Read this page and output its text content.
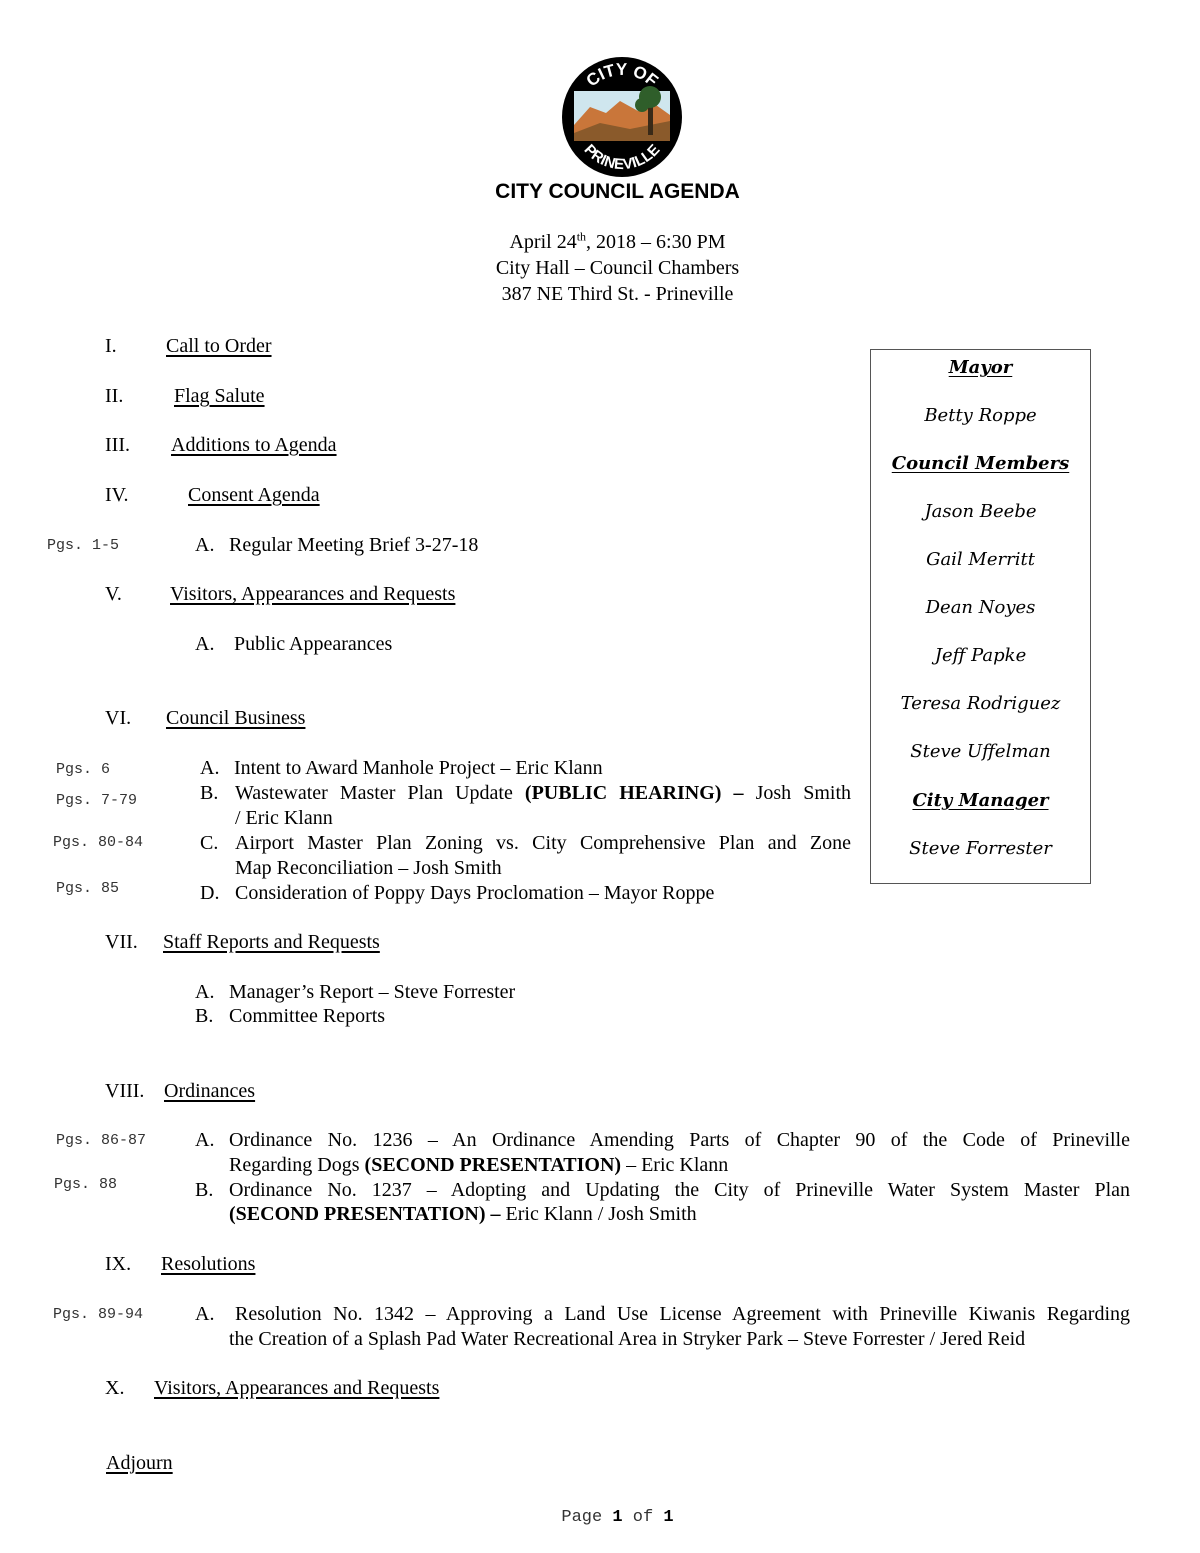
CITY OF
PRINEVILLE
CITY COUNCIL AGENDA
April 24th, 2018 – 6:30 PM
City Hall – Council Chambers
387 NE Third St. - Prineville
I. Call to Order
II.	Flag Salute
III. Additions to Agenda
IV.	Consent Agenda
Pgs. 1-5	A. Regular Meeting Brief 3-27-18
V. Visitors, Appearances and Requests
A. Public Appearances
VI. Council Business
Pgs. 6	A. Intent to Award Manhole Project – Eric Klann
Pgs. 7-79	B. Wastewater Master Plan Update (PUBLIC HEARING) – Josh Smith
/ Eric Klann
Pgs. 80-84	C. Airport Master Plan Zoning vs. City Comprehensive Plan and Zone
Map Reconciliation – Josh Smith
Pgs. 85	D. Consideration of Poppy Days Proclomation – Mayor Roppe
VII. Staff Reports and Requests
A. Manager’s Report – Steve Forrester
B. Committee Reports
VIII. Ordinances
Pgs. 86-87 A. Ordinance No. 1236 – An Ordinance Amending Parts of Chapter 90 of the Code of Prineville
Regarding Dogs (SECOND PRESENTATION) – Eric Klann
Pgs. 88	B. Ordinance No. 1237 – Adopting and Updating the City of Prineville Water System Master Plan
(SECOND PRESENTATION) – Eric Klann / Josh Smith
IX. Resolutions
Pgs. 89-94	A. Resolution No. 1342 – Approving a Land Use License Agreement with Prineville Kiwanis Regarding
the Creation of a Splash Pad Water Recreational Area in Stryker Park – Steve Forrester / Jered Reid
X. Visitors, Appearances and Requests
Adjourn
Mayor
Betty Roppe
Council Members
Jason Beebe
Gail Merritt
Dean Noyes
Jeff Papke
Teresa Rodriguez
Steve Uffelman
City Manager
Steve Forrester
Page 1 of 1
